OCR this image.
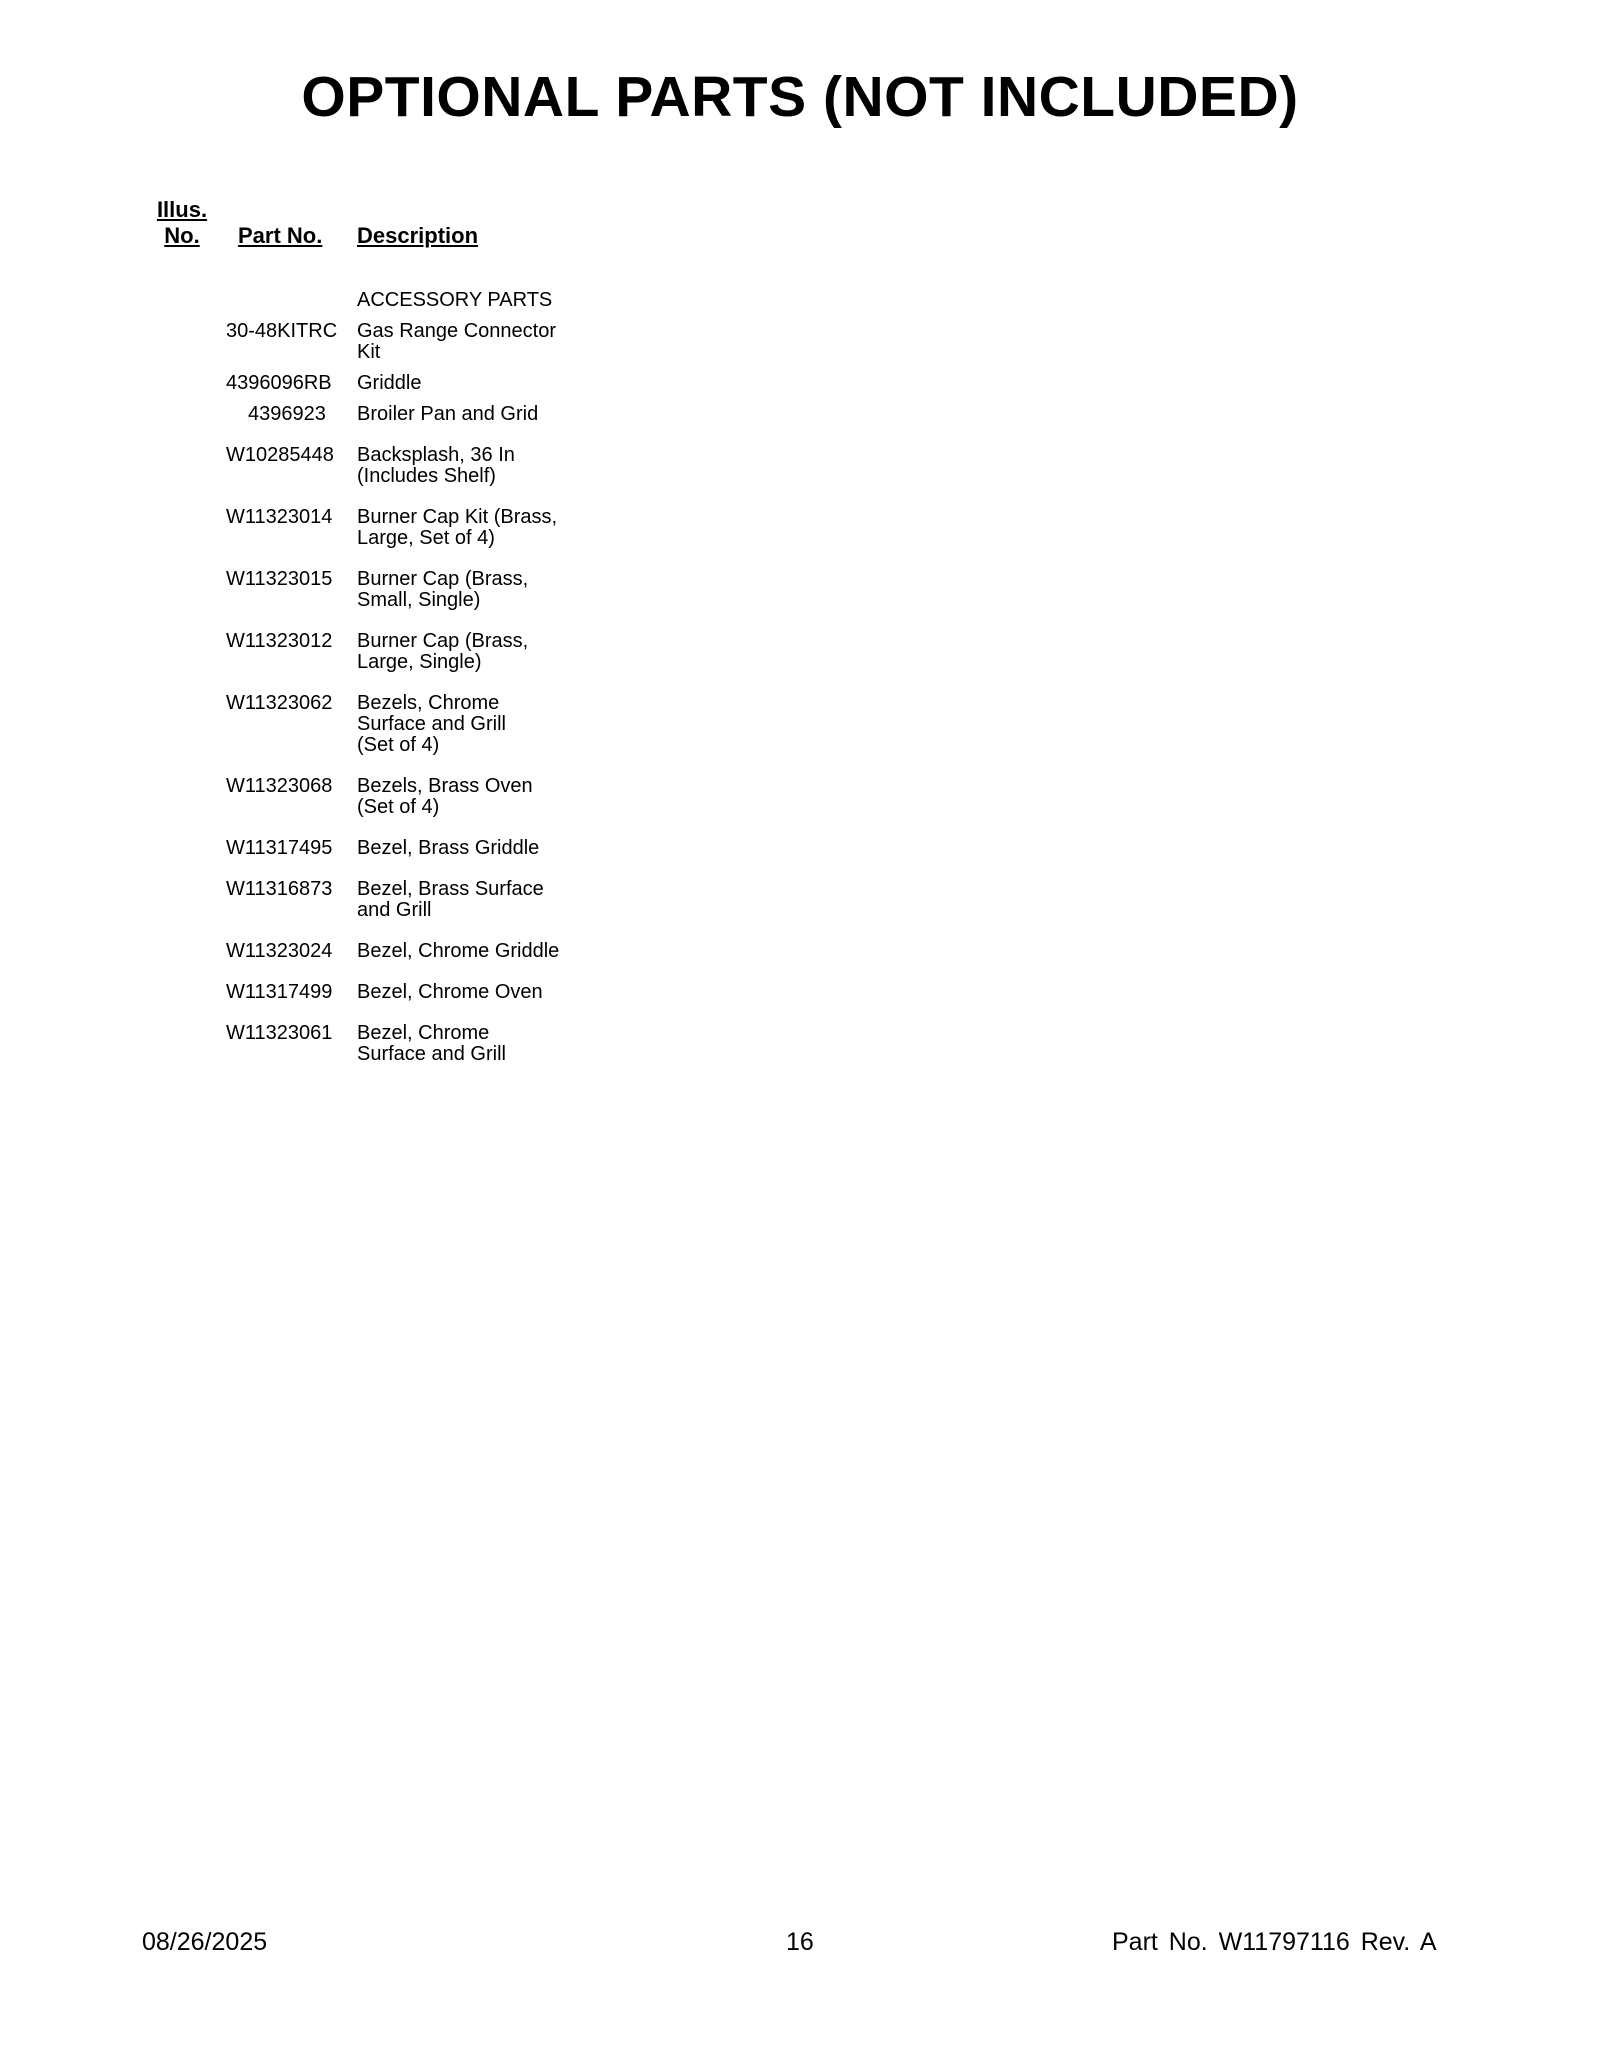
OPTIONAL PARTS (NOT INCLUDED)
Illus.
No.	Part No. Description
ACCESSORY PARTS
30-48KITRC Gas Range Connector
Kit
4396096RB	Griddle
4396923	Broiler Pan and Grid
W10285448	Backsplash, 36 In
(Includes Shelf)
W11323014	Burner Cap Kit (Brass,
Large, Set of 4)
W11323015	Burner Cap (Brass,
Small, Single)
W11323012	Burner Cap (Brass,
Large, Single)
W11323062	Bezels, Chrome
Surface and Grill
(Set of 4)
W11323068	Bezels, Brass Oven
(Set of 4)
W11317495	Bezel, Brass Griddle
W11316873	Bezel, Brass Surface
and Grill
W11323024	Bezel, Chrome Griddle
W11317499	Bezel, Chrome Oven
W11323061	Bezel, Chrome
Surface and Grill
08/26/2025	16	Part No. W11797116 Rev. A
